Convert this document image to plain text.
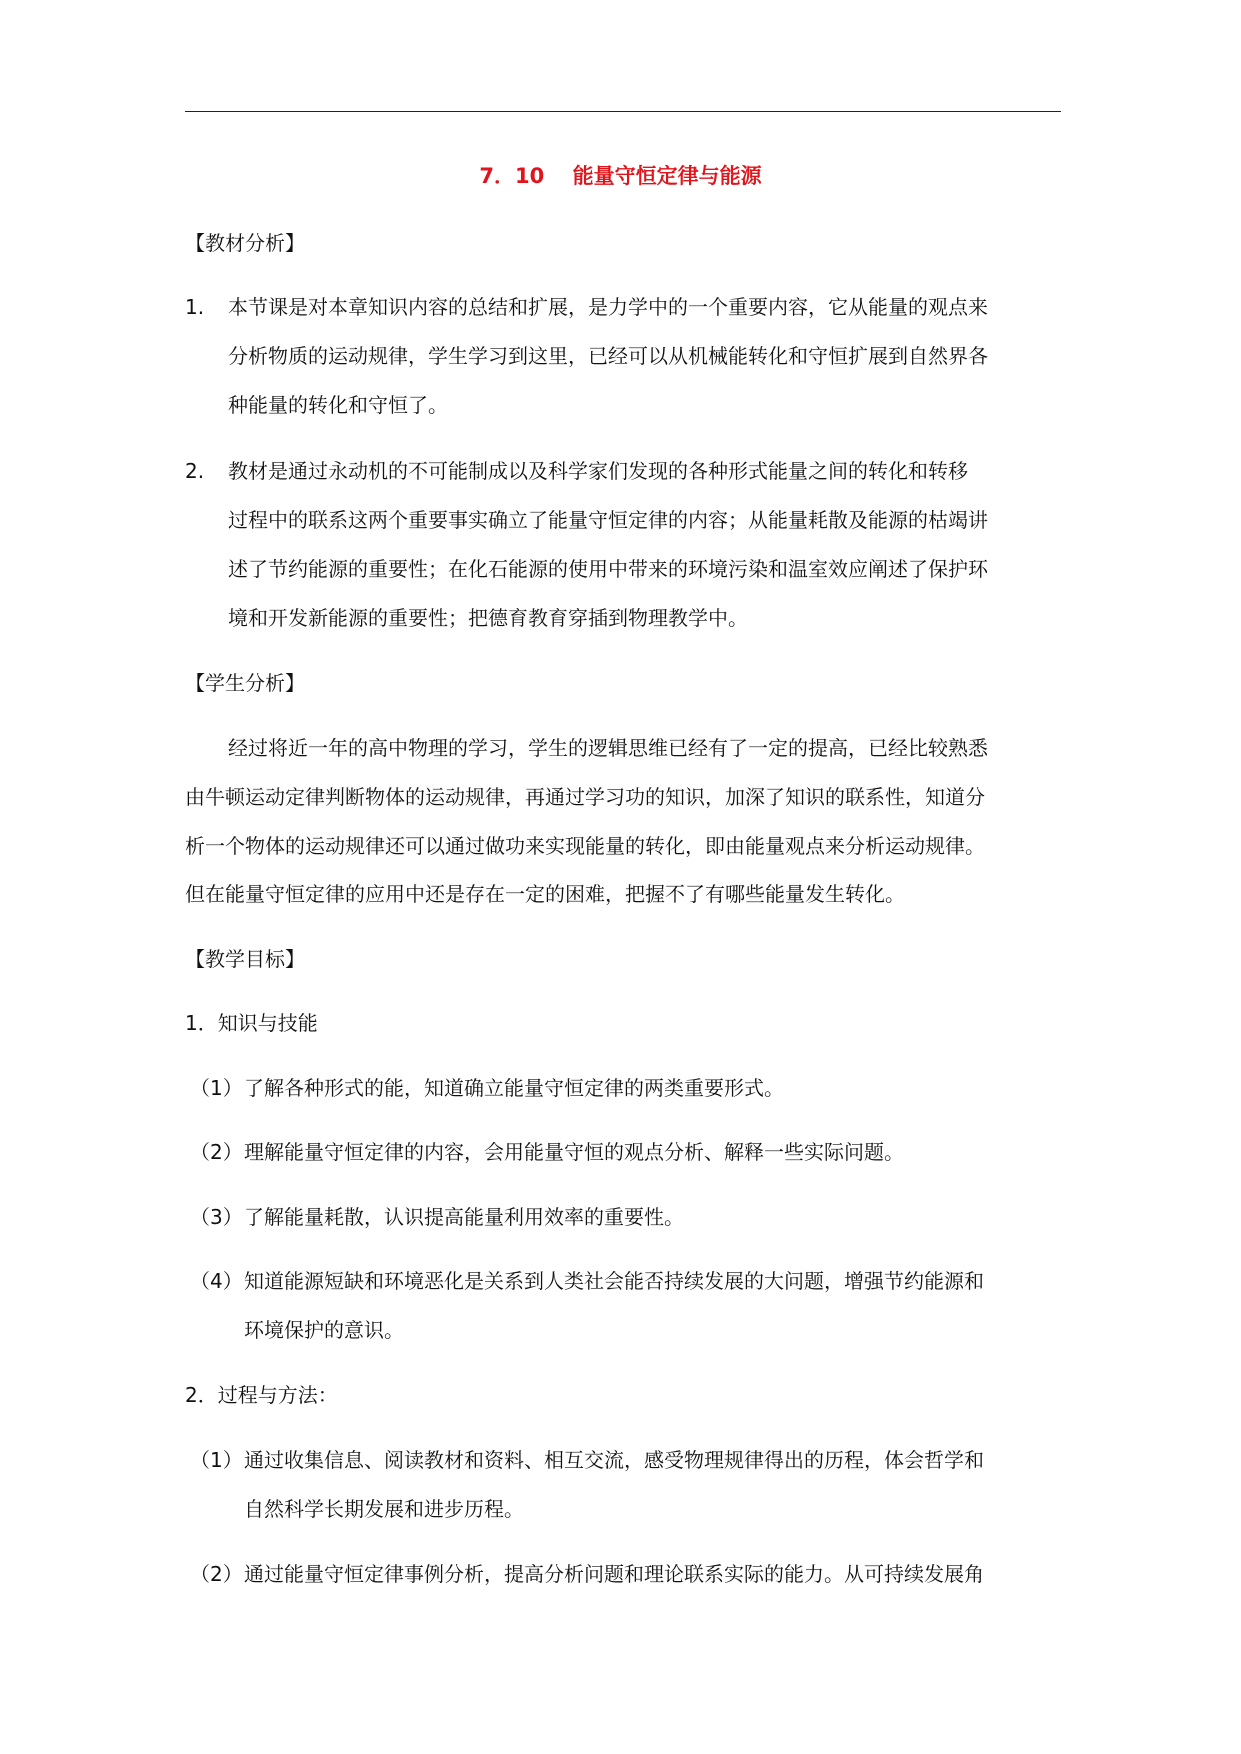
7．10　 能量守恒定律与能源
【教材分析】
1. 本节课是对本章知识内容的总结和扩展，是力学中的一个重要内容，它从能量的观点来
分析物质的运动规律，学生学习到这里，已经可以从机械能转化和守恒扩展到自然界各
种能量的转化和守恒了。
2. 教材是通过永动机的不可能制成以及科学家们发现的各种形式能量之间的转化和转移
过程中的联系这两个重要事实确立了能量守恒定律的内容；从能量耗散及能源的枯竭讲
述了节约能源的重要性；在化石能源的使用中带来的环境污染和温室效应阐述了保护环
境和开发新能源的重要性；把德育教育穿插到物理教学中。
【学生分析】
经过将近一年的高中物理的学习，学生的逻辑思维已经有了一定的提高，已经比较熟悉
由牛顿运动定律判断物体的运动规律，再通过学习功的知识，加深了知识的联系性，知道分
析一个物体的运动规律还可以通过做功来实现能量的转化，即由能量观点来分析运动规律。
但在能量守恒定律的应用中还是存在一定的困难，把握不了有哪些能量发生转化。
【教学目标】
1．知识与技能
（1） 了解各种形式的能，知道确立能量守恒定律的两类重要形式。
（2） 理解能量守恒定律的内容，会用能量守恒的观点分析、解释一些实际问题。
（3） 了解能量耗散，认识提高能量利用效率的重要性。
（4） 知道能源短缺和环境恶化是关系到人类社会能否持续发展的大问题，增强节约能源和
环境保护的意识。
2．过程与方法：
（1） 通过收集信息、阅读教材和资料、相互交流，感受物理规律得出的历程，体会哲学和
自然科学长期发展和进步历程。
（2） 通过能量守恒定律事例分析，提高分析问题和理论联系实际的能力。从可持续发展角
